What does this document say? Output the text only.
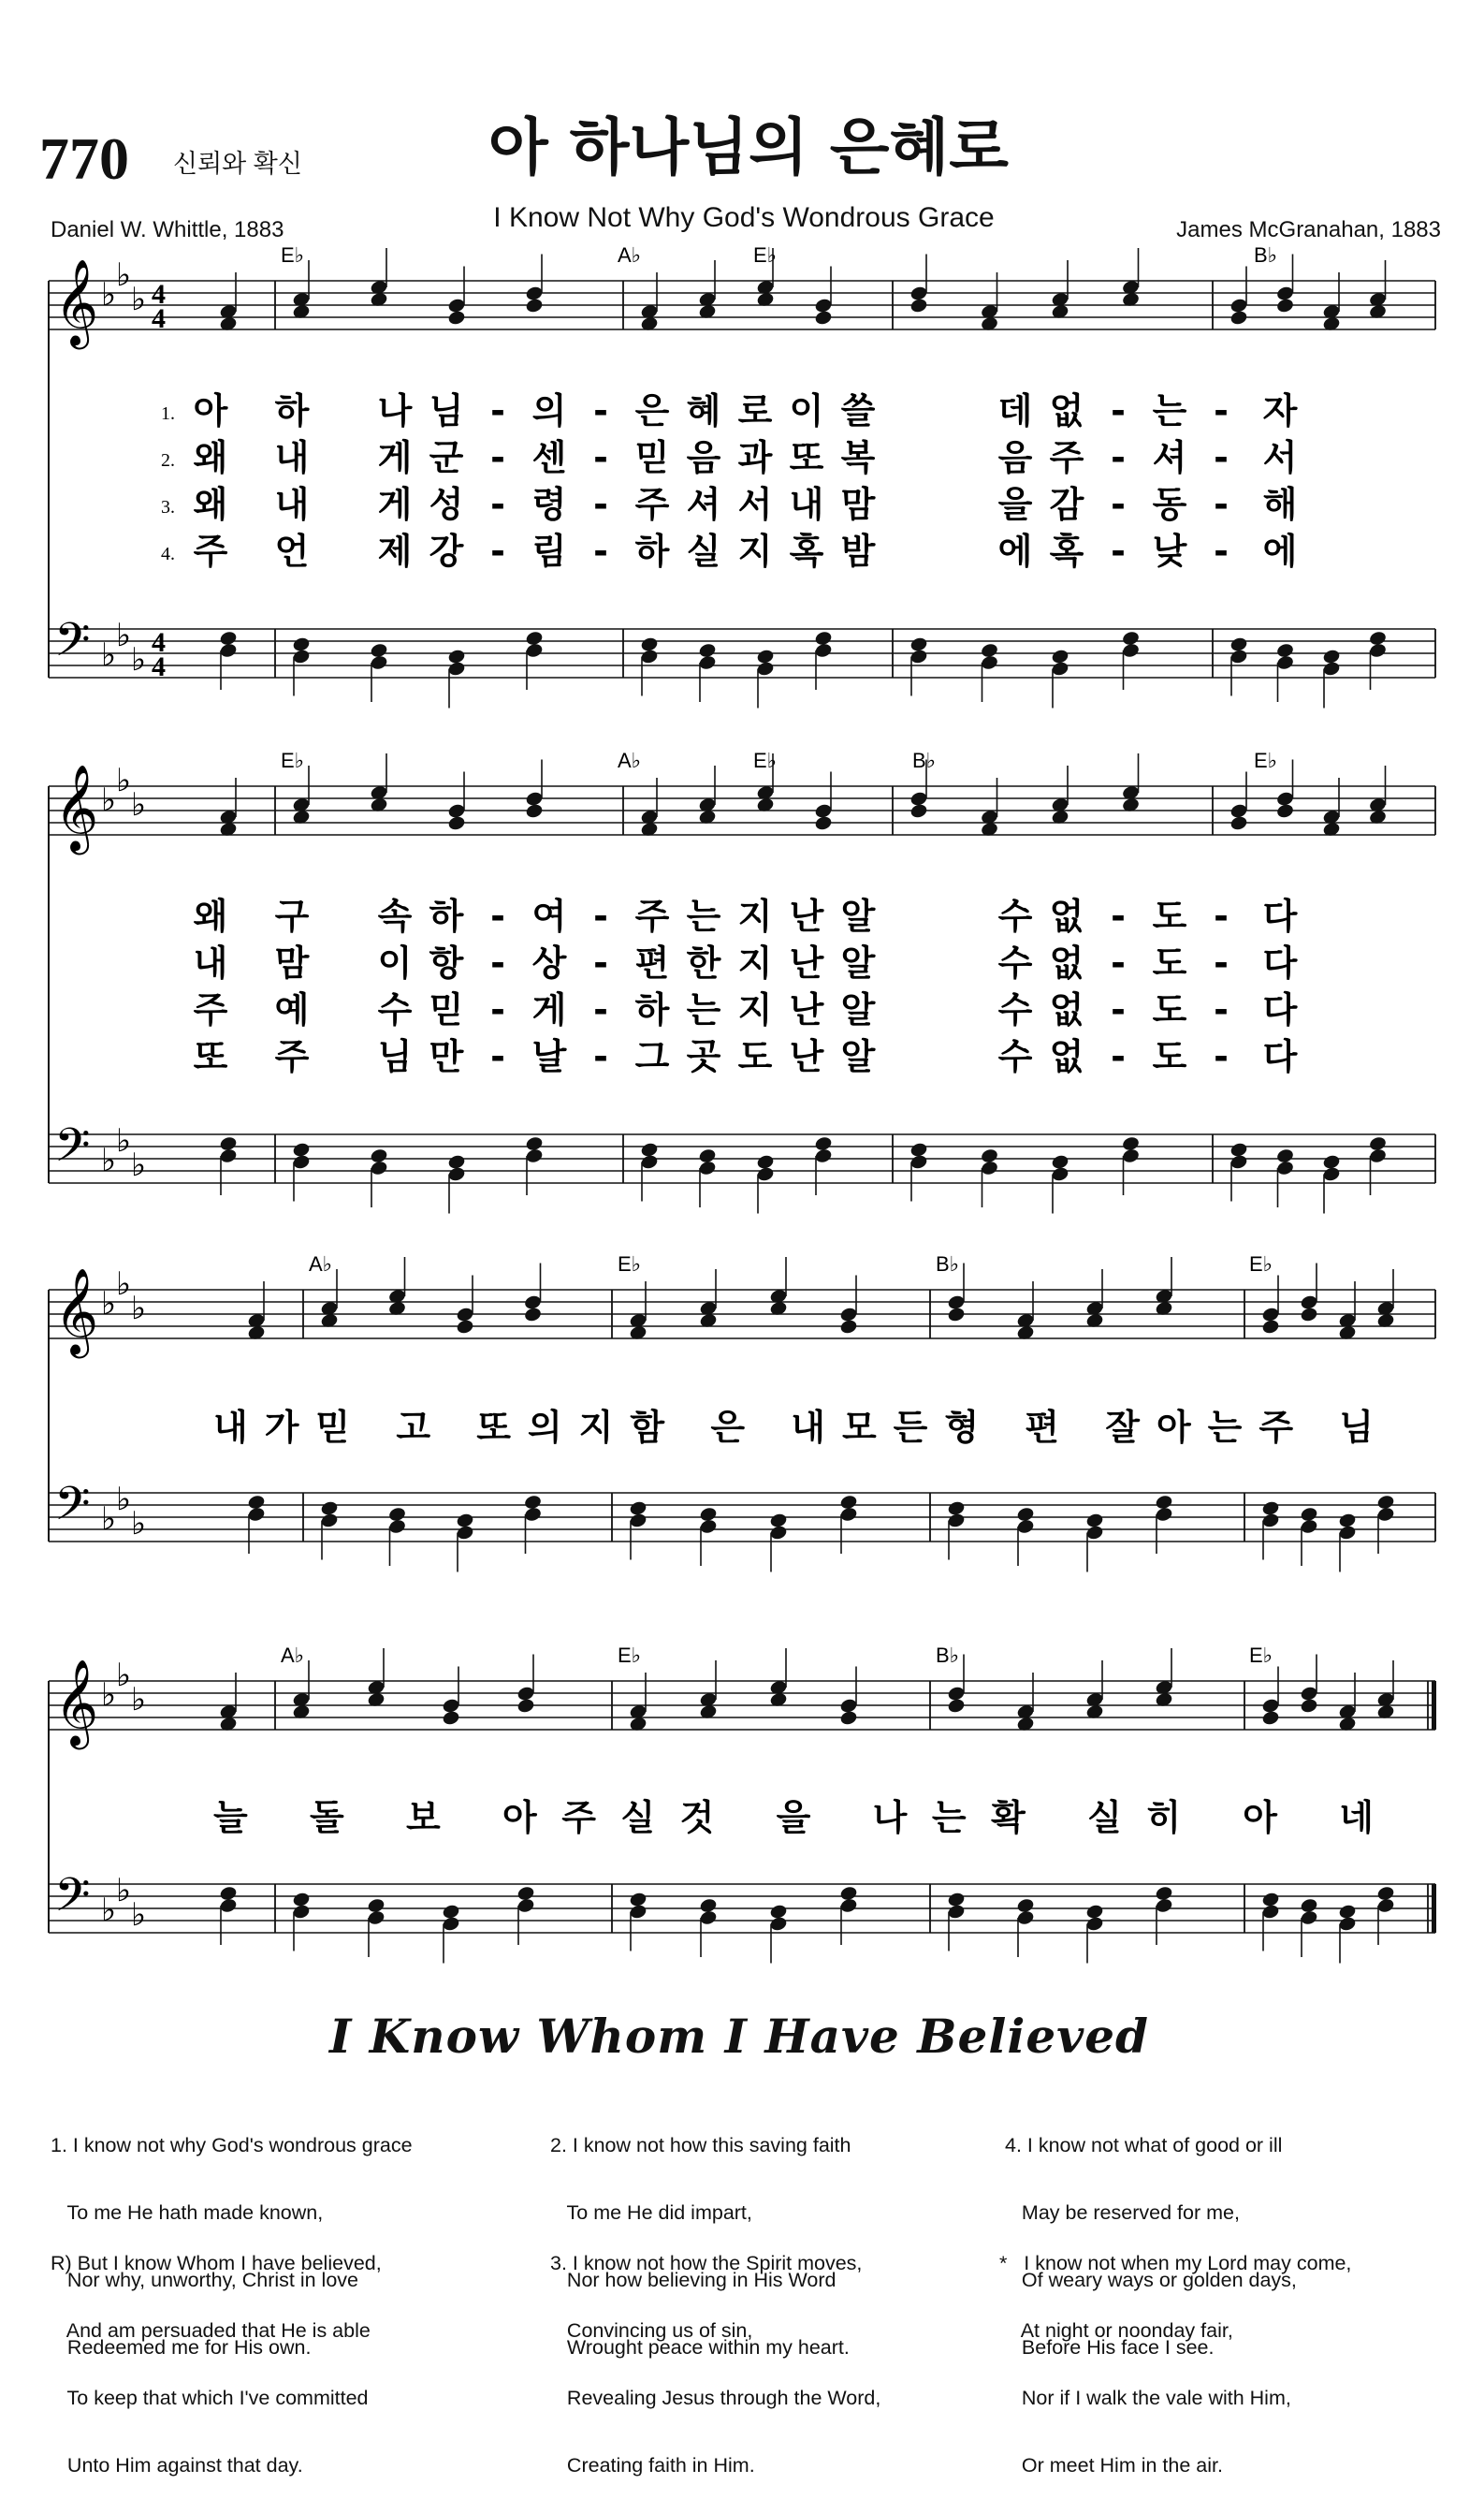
770 신뢰와 확신	아 하나님의 은혜로
I Know Not Why God's Wondrous Grace
Daniel W. Whittle, 1883	James McGranahan, 1883
𝄞
𝄢
♭
♭
♭
♭
♭
♭
4
4
4
4
E♭	A♭	E♭	B♭
1. 아 하 나 님 - 의 - 은 혜 로 이 쓸	데 없 - 는 - 자
2. 왜 내 게 군 - 센 - 믿 음 과 또 복	음 주 - 셔 - 서
3. 왜 내 게 성 - 령 - 주 셔 서 내 맘	을 감 - 동 - 해
4. 주 언 제 강 - 림 - 하 실 지 혹 밤	에 혹 - 낮 - 에
𝄞
𝄢
♭
♭
♭
♭
♭
♭
E♭	A♭	E♭	B♭	E♭
왜 구 속 하 - 여 - 주 는 지 난 알	수 없 - 도 - 다
내 맘 이 항 - 상 - 편 한 지 난 알	수 없 - 도 - 다
주 예 수 믿 - 게 - 하 는 지 난 알	수 없 - 도 - 다
또 주 님 만 - 날 - 그 곳 도 난 알	수 없 - 도 - 다
𝄞
𝄢
♭
♭
♭
♭
♭
♭
A♭	E♭	B♭	E♭
내가믿 고 또의지함 은 내모든형 편 잘아는주 님
𝄞
𝄢
♭
♭
♭
♭
♭
♭
A♭	E♭	B♭	E♭
늘 돌 보 아주실것 을 나는확 실히 아 네
I Know Whom I Have Believed

1. I know not why God's wondrous grace

To me He hath made known,

Nor why, unworthy, Christ in love

Redeemed me for His own.

R) But I know Whom I have believed,

And am persuaded that He is able

To keep that which I've committed

Unto Him against that day.

2. I know not how this saving faith

To me He did impart,

Nor how believing in His Word

Wrought peace within my heart.

3. I know not how the Spirit moves,

Convincing us of sin,

Revealing Jesus through the Word,

Creating faith in Him.

4. I know not what of good or ill

May be reserved for me,

Of weary ways or golden days,

Before His face I see.

*   I know not when my Lord may come,

At night or noonday fair,

Nor if I walk the vale with Him,

Or meet Him in the air.
